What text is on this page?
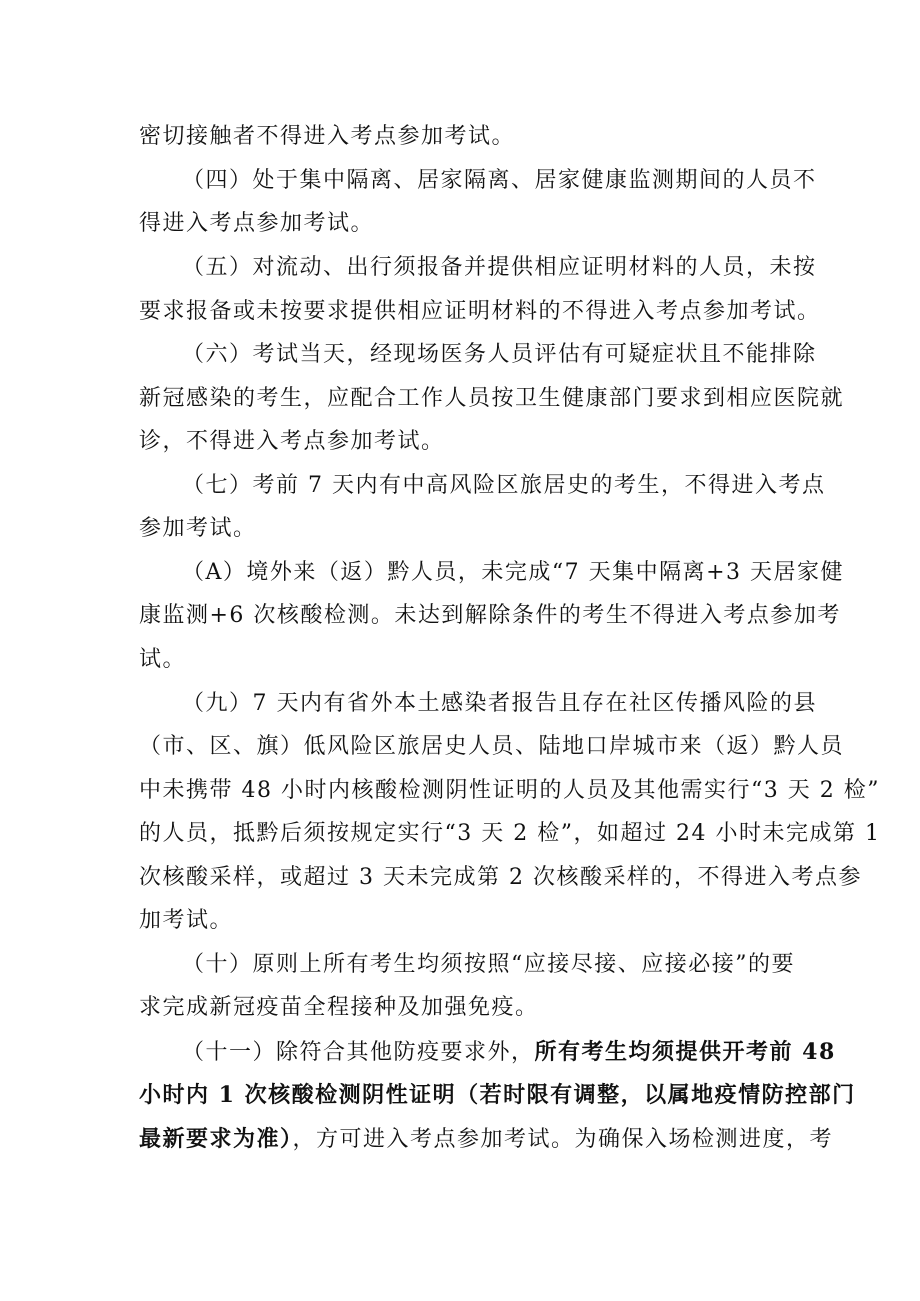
密切接触者不得进入考点参加考试。
（四）处于集中隔离、居家隔离、居家健康监测期间的人员不
得进入考点参加考试。
（五）对流动、出行须报备并提供相应证明材料的人员，未按
要求报备或未按要求提供相应证明材料的不得进入考点参加考试。
（六）考试当天，经现场医务人员评估有可疑症状且不能排除
新冠感染的考生，应配合工作人员按卫生健康部门要求到相应医院就
诊，不得进入考点参加考试。
（七）考前 7 天内有中高风险区旅居史的考生，不得进入考点
参加考试。
（A）境外来（返）黔人员，未完成“7 天集中隔离+3 天居家健
康监测+6 次核酸检测。未达到解除条件的考生不得进入考点参加考
试。
（九）7 天内有省外本土感染者报告且存在社区传播风险的县
（市、区、旗）低风险区旅居史人员、陆地口岸城市来（返）黔人员
中未携带 48 小时内核酸检测阴性证明的人员及其他需实行“3 天 2 检”
的人员，抵黔后须按规定实行“3 天 2 检”，如超过 24 小时未完成第 1
次核酸采样，或超过 3 天未完成第 2 次核酸采样的，不得进入考点参
加考试。
（十）原则上所有考生均须按照“应接尽接、应接必接”的要
求完成新冠疫苗全程接种及加强免疫。
（十一）除符合其他防疫要求外，所有考生均须提供开考前 48
小时内 1 次核酸检测阴性证明（若时限有调整，以属地疫情防控部门
最新要求为准），方可进入考点参加考试。为确保入场检测进度，考
